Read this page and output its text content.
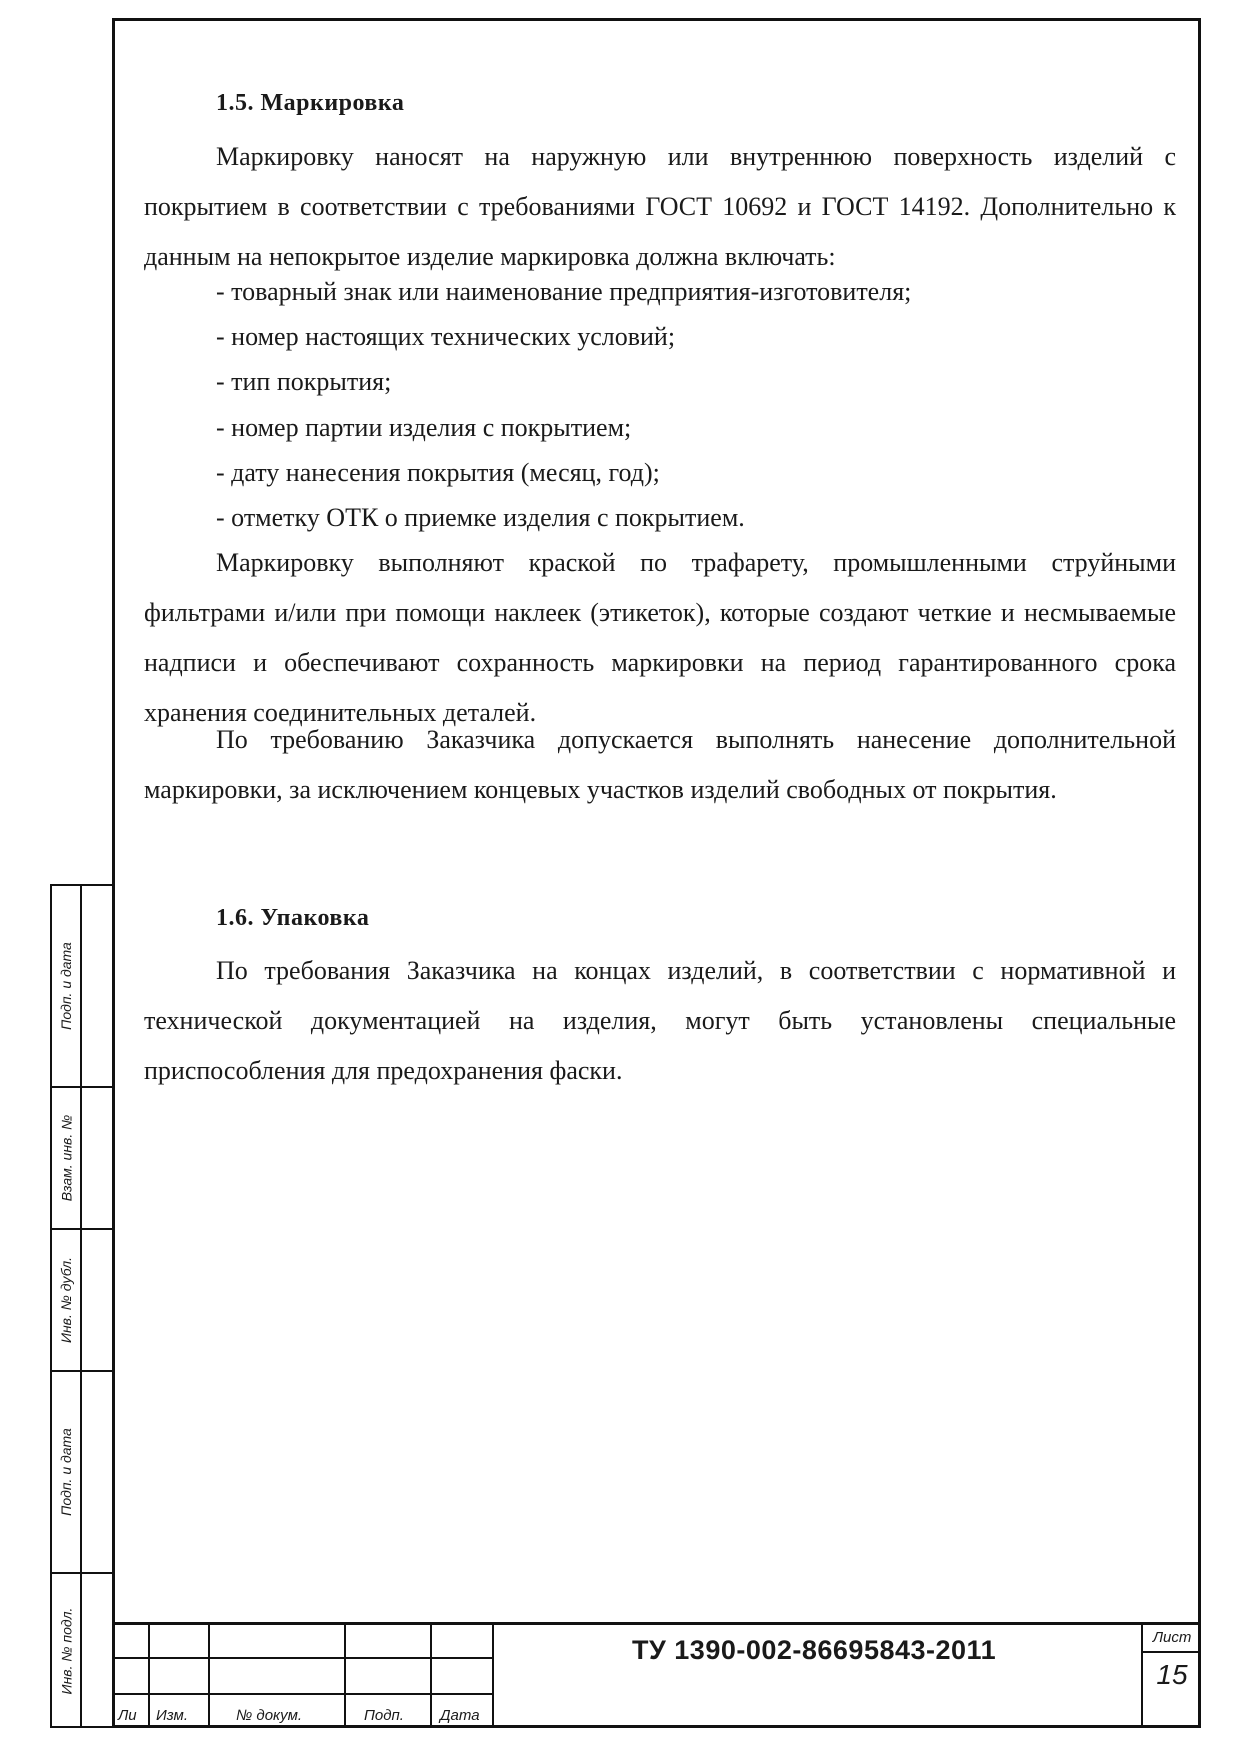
1.5. Маркировка

Маркировку наносят на наружную или внутреннюю поверхность изделий с покрытием в соответствии с требованиями ГОСТ 10692 и ГОСТ 14192. Дополнительно к данным на непокрытое изделие маркировка должна включать:

- товарный знак или наименование предприятия-изготовителя;
- номер настоящих технических условий;
- тип покрытия;
- номер партии изделия с покрытием;
- дату нанесения покрытия (месяц, год);
- отметку ОТК о приемке изделия с покрытием.

Маркировку выполняют краской по трафарету, промышленными струйными фильтрами и/или при помощи наклеек (этикеток), которые создают четкие и несмываемые надписи и обеспечивают сохранность маркировки на период гарантированного срока хранения соединительных деталей.

По требованию Заказчика допускается выполнять нанесение дополнительной маркировки, за исключением концевых участков изделий свободных от покрытия.

1.6. Упаковка

По требования Заказчика на концах изделий, в соответствии с нормативной и технической документацией на изделия, могут быть установлены специальные приспособления для предохранения фаски.

Подп. и дата
Взам. инв. №
Инв. № дубл.
Подп. и дата
Инв. № подл.
Ли Изм.	№ докум.	Подп. Дата
ТУ 1390-002-86695843-2011	Лист
15
